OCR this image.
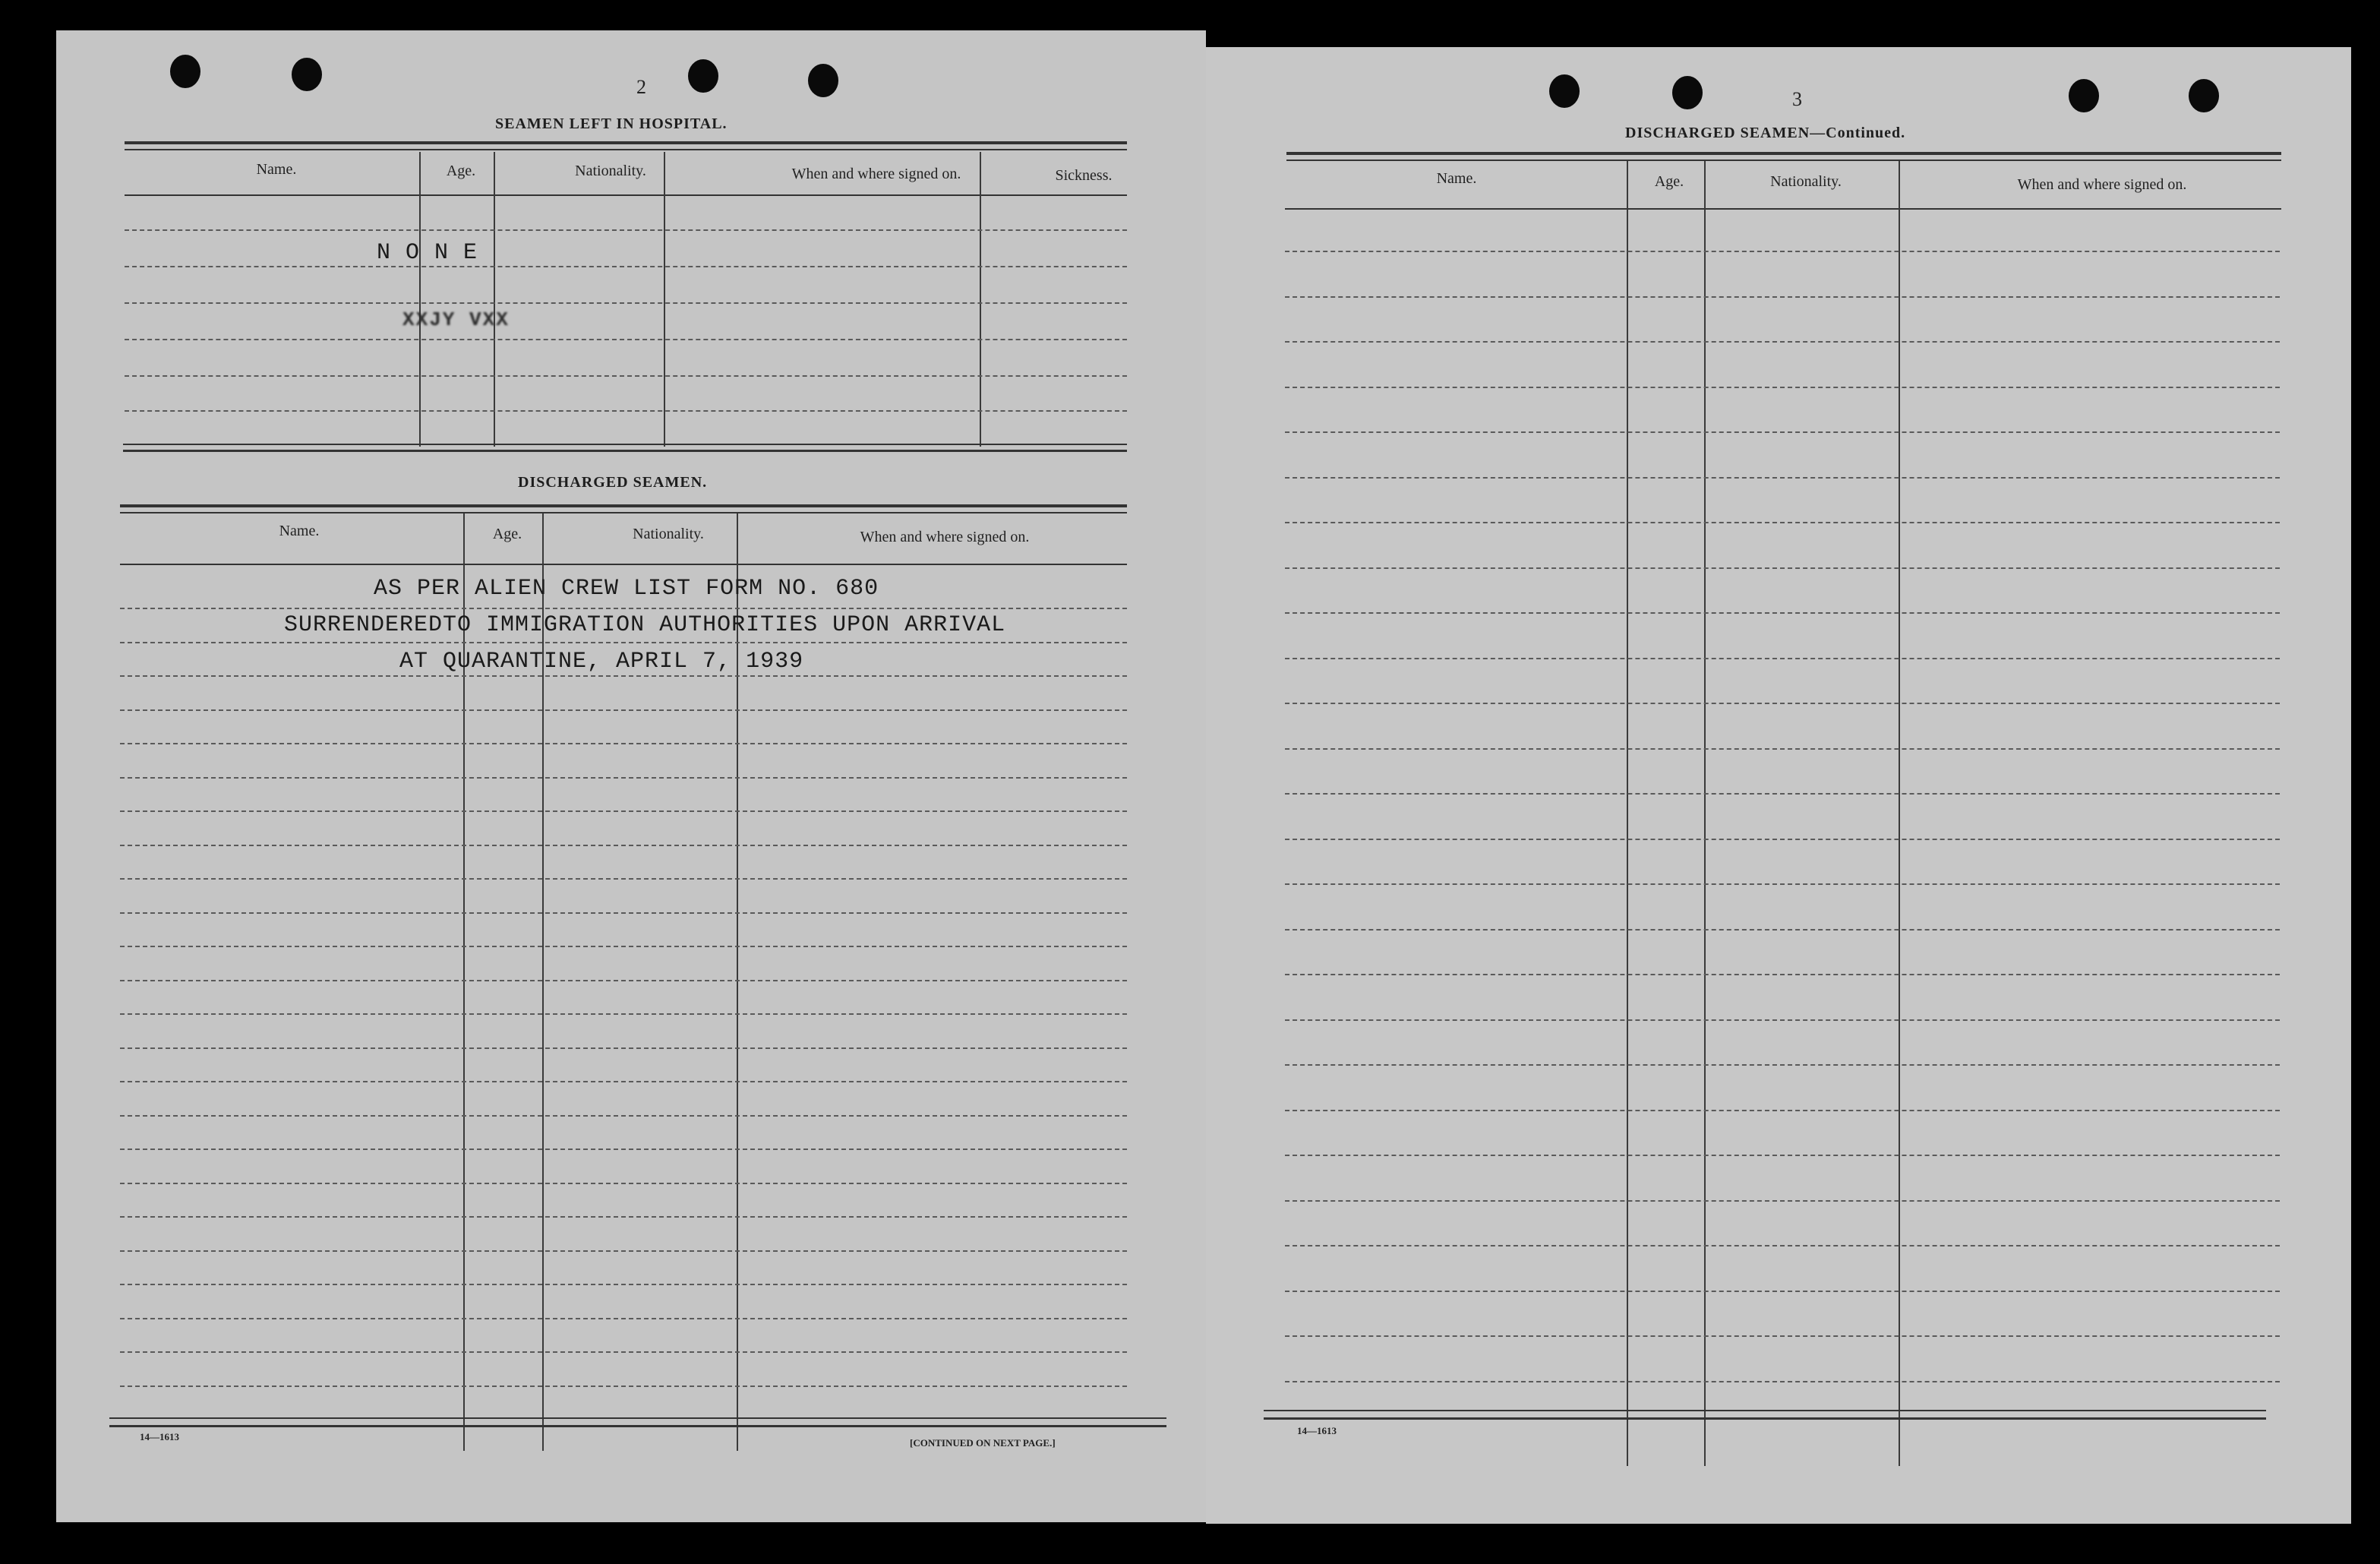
2
SEAMEN LEFT IN HOSPITAL.
Name.	Age.	Nationality.	When and where signed on.	Sickness.
N O N E
XXJY VXX
DISCHARGED SEAMEN.
Name.	Age.	Nationality.	When and where signed on.
AS PER ALIEN CREW LIST FORM NO. 680
SURRENDEREDTO IMMIGRATION AUTHORITIES UPON ARRIVAL
AT QUARANTINE, APRIL 7, 1939
14—1613
[CONTINUED ON NEXT PAGE.]
3
DISCHARGED SEAMEN—Continued.
Name.	Age.	Nationality.	When and where signed on.
14—1613
